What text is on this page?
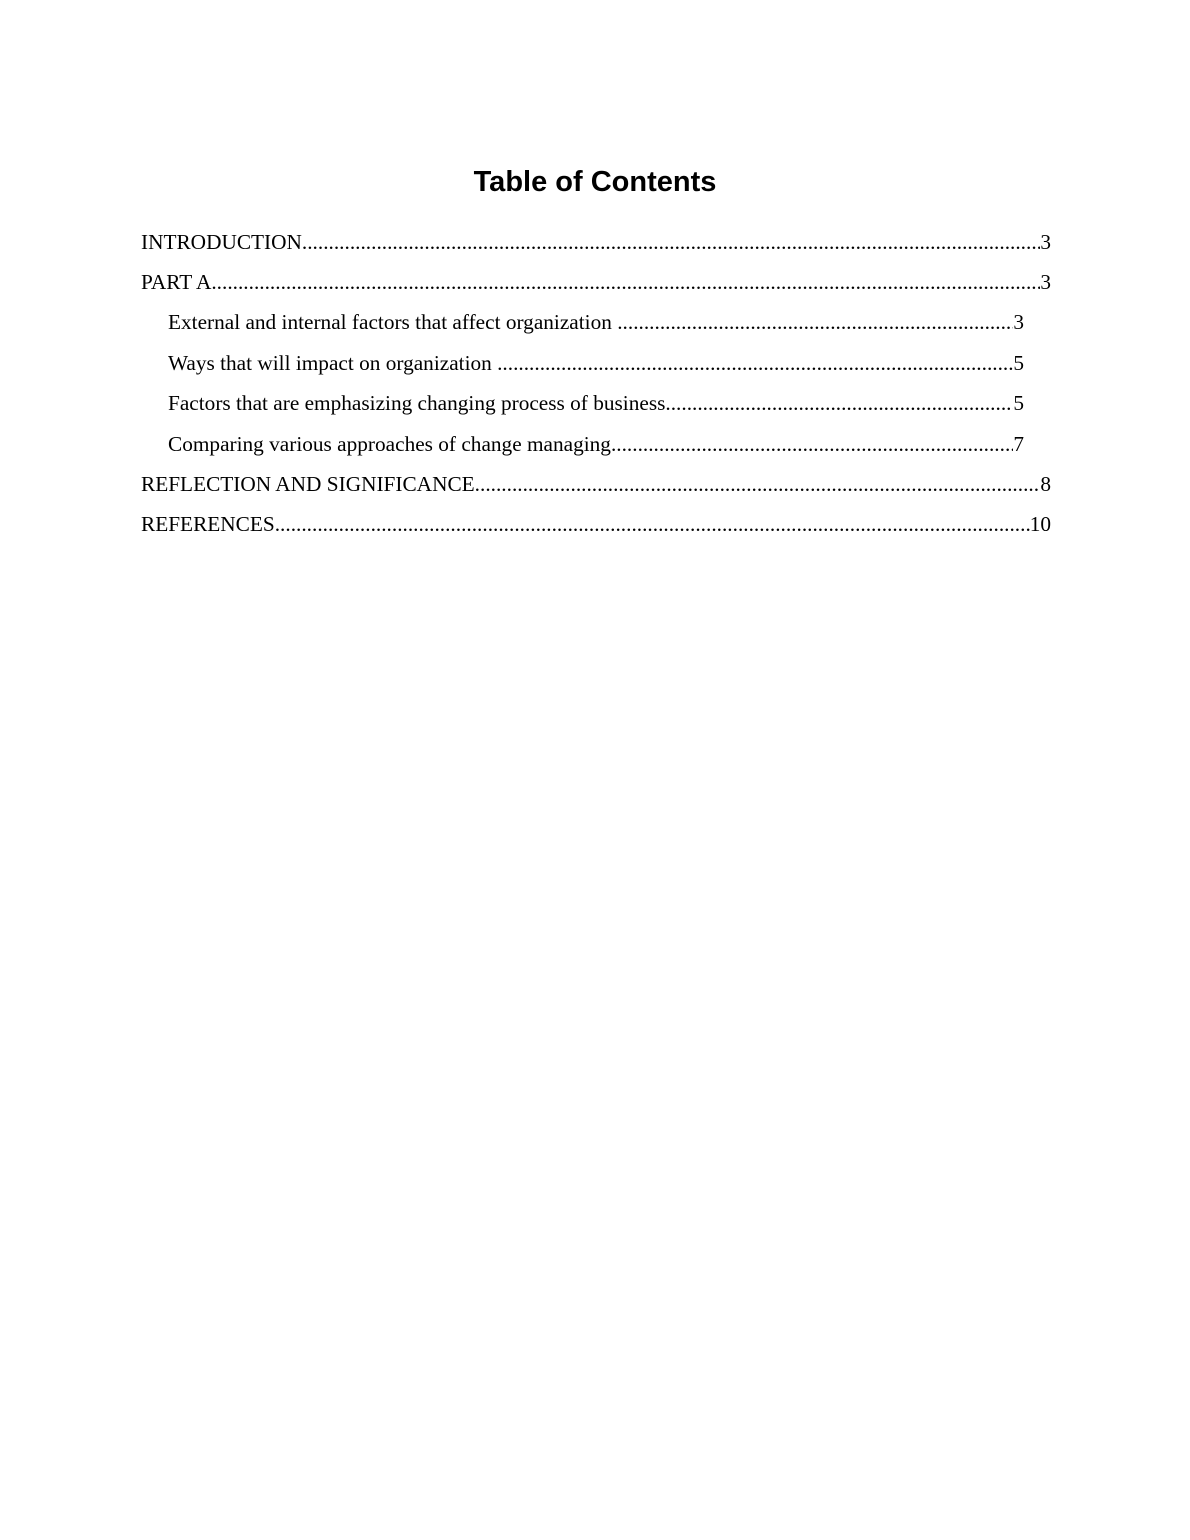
Table of Contents
INTRODUCTION .....	3
PART A .....	3
External and internal factors that affect organization .....	3
Ways that will impact on organization .....	5
Factors that are emphasizing changing process of business .....	5
Comparing various approaches of change managing .....	7
REFLECTION AND SIGNIFICANCE .....	8
REFERENCES .....	10
